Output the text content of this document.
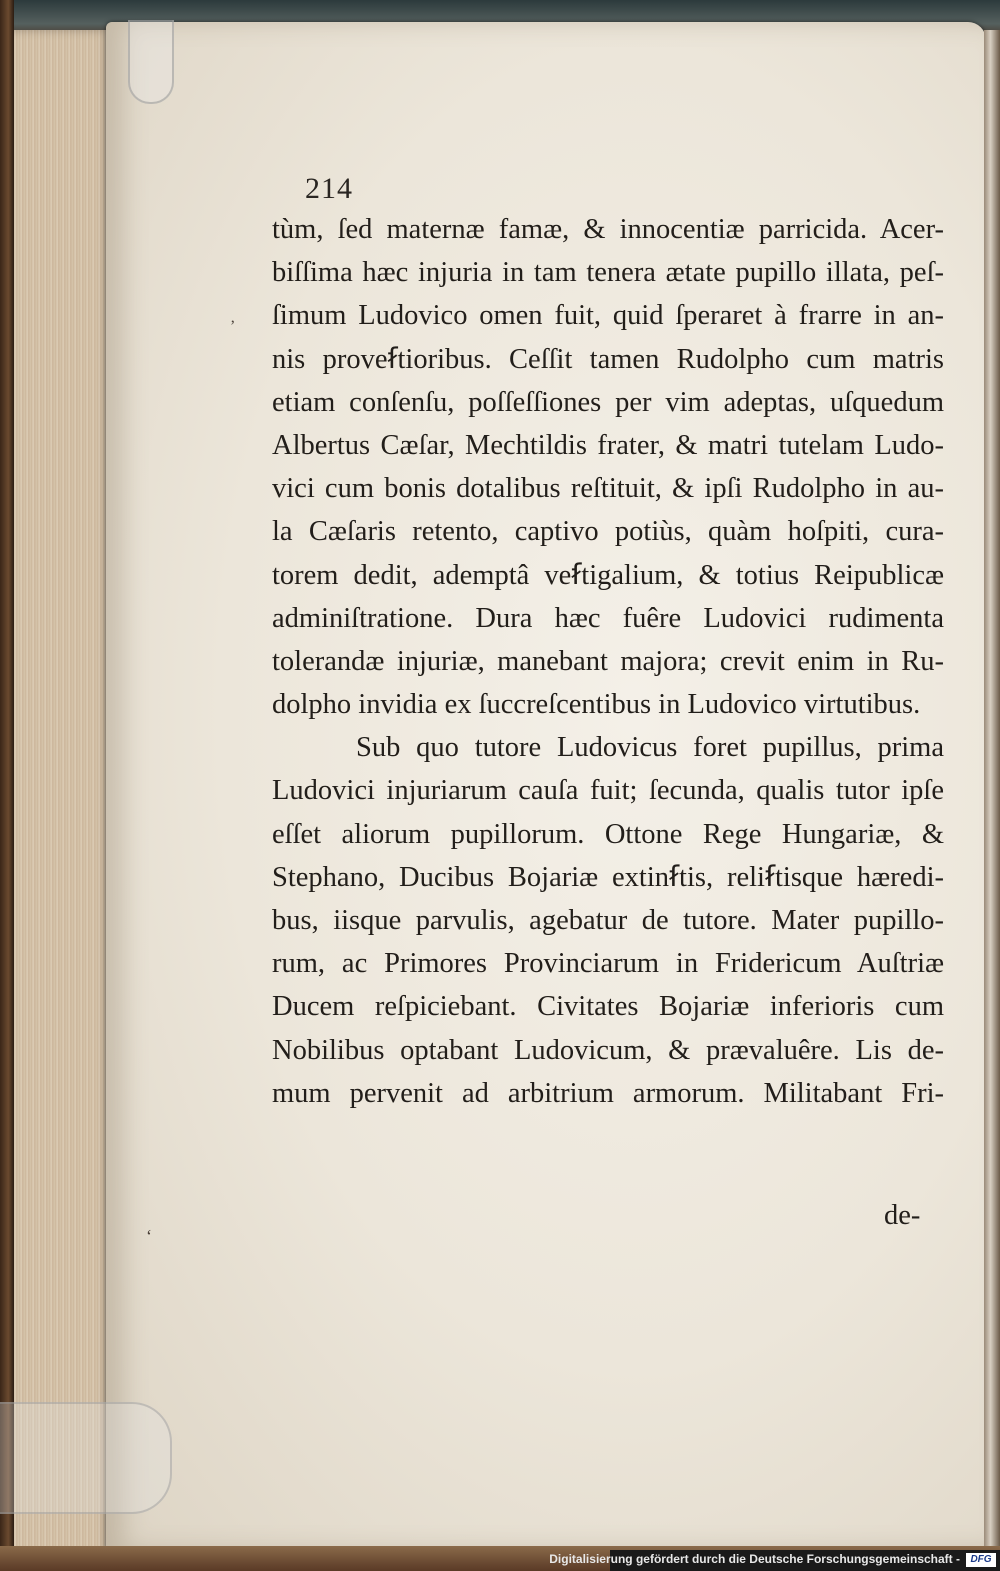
ʼ
ʻ
214
tùm, ſed maternæ famæ, & innocentiæ parricida. Acer-
biſſima hæc injuria in tam tenera ætate pupillo illata, peſ-
ſimum Ludovico omen fuit, quid ſperaret à frarre in an-
nis proveẜtioribus. Ceſſit tamen Rudolpho cum matris
etiam conſenſu, poſſeſſiones per vim adeptas, uſquedum
Albertus Cæſar, Mechtildis frater, & matri tutelam Ludo-
vici cum bonis dotalibus reſtituit, & ipſi Rudolpho in au-
la Cæſaris retento, captivo potiùs, quàm hoſpiti, cura-
torem dedit, ademptâ veẜtigalium, & totius Reipublicæ
adminiſtratione. Dura hæc fuêre Ludovici rudimenta
tolerandæ injuriæ, manebant majora; crevit enim in Ru-
dolpho invidia ex ſuccreſcentibus in Ludovico virtutibus.
Sub quo tutore Ludovicus foret pupillus, prima
Ludovici injuriarum cauſa fuit; ſecunda, qualis tutor ipſe
eſſet aliorum pupillorum. Ottone Rege Hungariæ, &
Stephano, Ducibus Bojariæ extinẜtis, reliẜtisque hæredi-
bus, iisque parvulis, agebatur de tutore. Mater pupillo-
rum, ac Primores Provinciarum in Fridericum Auſtriæ
Ducem reſpiciebant. Civitates Bojariæ inferioris cum
Nobilibus optabant Ludovicum, & prævaluêre. Lis de-
mum pervenit ad arbitrium armorum. Militabant Fri-
de-
Digitalisierung gefördert durch die Deutsche Forschungsgemeinschaft -	DFG
